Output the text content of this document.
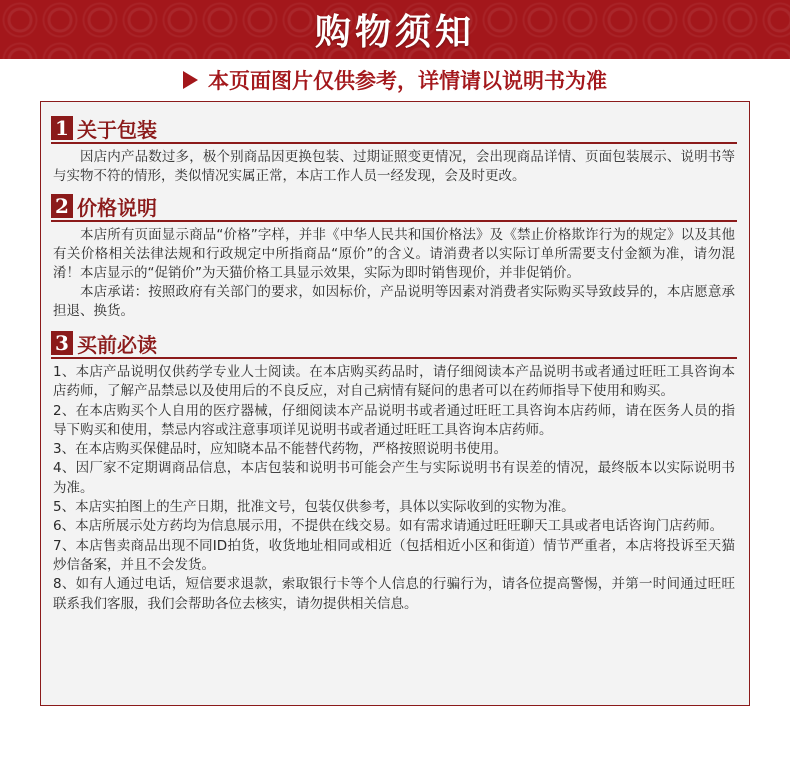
购物须知
本页面图片仅供参考，详情请以说明书为准
1 关于包装

因店内产品数过多，极个别商品因更换包装、过期证照变更情况，会出现商品详情、页面包装展示、说明书等与实物不符的情形，类似情况实属正常，本店工作人员一经发现，会及时更改。

2 价格说明

本店所有页面显示商品“价格”字样，并非《中华人民共和国价格法》及《禁止价格欺诈行为的规定》以及其他有关价格相关法律法规和行政规定中所指商品“原价”的含义。请消费者以实际订单所需要支付金额为准，请勿混淆！本店显示的“促销价”为天猫价格工具显示效果，实际为即时销售现价，并非促销价。

本店承诺：按照政府有关部门的要求，如因标价，产品说明等因素对消费者实际购买导致歧异的，本店愿意承担退、换货。

3 买前必读

1、本店产品说明仅供药学专业人士阅读。在本店购买药品时，请仔细阅读本产品说明书或者通过旺旺工具咨询本店药师，了解产品禁忌以及使用后的不良反应，对自己病情有疑问的患者可以在药师指导下使用和购买。

2、在本店购买个人自用的医疗器械，仔细阅读本产品说明书或者通过旺旺工具咨询本店药师，请在医务人员的指导下购买和使用，禁忌内容或注意事项详见说明书或者通过旺旺工具咨询本店药师。

3、在本店购买保健品时，应知晓本品不能替代药物，严格按照说明书使用。

4、因厂家不定期调商品信息，本店包装和说明书可能会产生与实际说明书有误差的情况，最终版本以实际说明书为准。

5、本店实拍图上的生产日期，批准文号，包装仅供参考，具体以实际收到的实物为准。

6、本店所展示处方药均为信息展示用，不提供在线交易。如有需求请通过旺旺聊天工具或者电话咨询门店药师。

7、本店售卖商品出现不同ID拍货，收货地址相同或相近（包括相近小区和街道）情节严重者，本店将投诉至天猫炒信备案，并且不会发货。

8、如有人通过电话，短信要求退款，索取银行卡等个人信息的行骗行为，请各位提高警惕，并第一时间通过旺旺联系我们客服，我们会帮助各位去核实，请勿提供相关信息。
